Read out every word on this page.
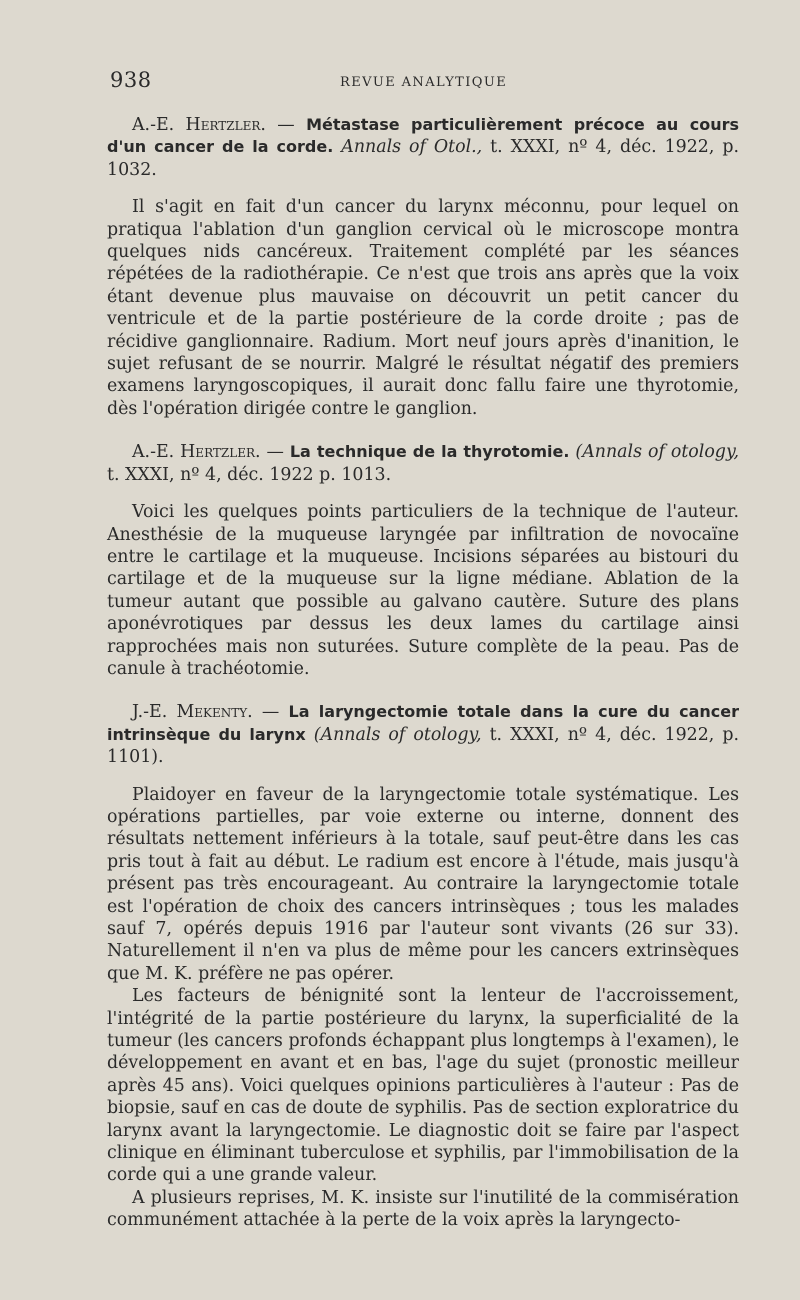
938	REVUE ANALYTIQUE

A.-E. Hertzler. — Métastase particulièrement précoce au cours d'un cancer de la corde. Annals of Otol., t. XXXI, nº 4, déc. 1922, p. 1032.

Il s'agit en fait d'un cancer du larynx méconnu, pour lequel on pratiqua l'ablation d'un ganglion cervical où le microscope montra quelques nids cancéreux. Traitement complété par les séances répétées de la radiothérapie. Ce n'est que trois ans après que la voix étant devenue plus mauvaise on découvrit un petit cancer du ventricule et de la partie postérieure de la corde droite ; pas de récidive ganglionnaire. Radium. Mort neuf jours après d'inanition, le sujet refusant de se nourrir. Malgré le résultat négatif des premiers examens laryngoscopiques, il aurait donc fallu faire une thyrotomie, dès l'opération dirigée contre le ganglion.

A.-E. Hertzler. — La technique de la thyrotomie. (Annals of otology, t. XXXI, nº 4, déc. 1922 p. 1013.

Voici les quelques points particuliers de la technique de l'auteur. Anesthésie de la muqueuse laryngée par infiltration de novocaïne entre le cartilage et la muqueuse. Incisions séparées au bistouri du cartilage et de la muqueuse sur la ligne médiane. Ablation de la tumeur autant que possible au galvano cautère. Suture des plans aponévrotiques par dessus les deux lames du cartilage ainsi rapprochées mais non suturées. Suture complète de la peau. Pas de canule à trachéotomie.

J.-E. Mekenty. — La laryngectomie totale dans la cure du cancer intrinsèque du larynx (Annals of otology, t. XXXI, nº 4, déc. 1922, p. 1101).

Plaidoyer en faveur de la laryngectomie totale systématique. Les opérations partielles, par voie externe ou interne, donnent des résultats nettement inférieurs à la totale, sauf peut-être dans les cas pris tout à fait au début. Le radium est encore à l'étude, mais jusqu'à présent pas très encourageant. Au contraire la laryngectomie totale est l'opération de choix des cancers intrinsèques ; tous les malades sauf 7, opérés depuis 1916 par l'auteur sont vivants (26 sur 33). Naturellement il n'en va plus de même pour les cancers extrinsèques que M. K. préfère ne pas opérer.

Les facteurs de bénignité sont la lenteur de l'accroissement, l'intégrité de la partie postérieure du larynx, la superficialité de la tumeur (les cancers profonds échappant plus longtemps à l'examen), le développement en avant et en bas, l'age du sujet (pronostic meilleur après 45 ans). Voici quelques opinions particulières à l'auteur : Pas de biopsie, sauf en cas de doute de syphilis. Pas de section exploratrice du larynx avant la laryngectomie. Le diagnostic doit se faire par l'aspect clinique en éliminant tuberculose et syphilis, par l'immobilisation de la corde qui a une grande valeur.

A plusieurs reprises, M. K. insiste sur l'inutilité de la commisération communément attachée à la perte de la voix après la laryngecto-
